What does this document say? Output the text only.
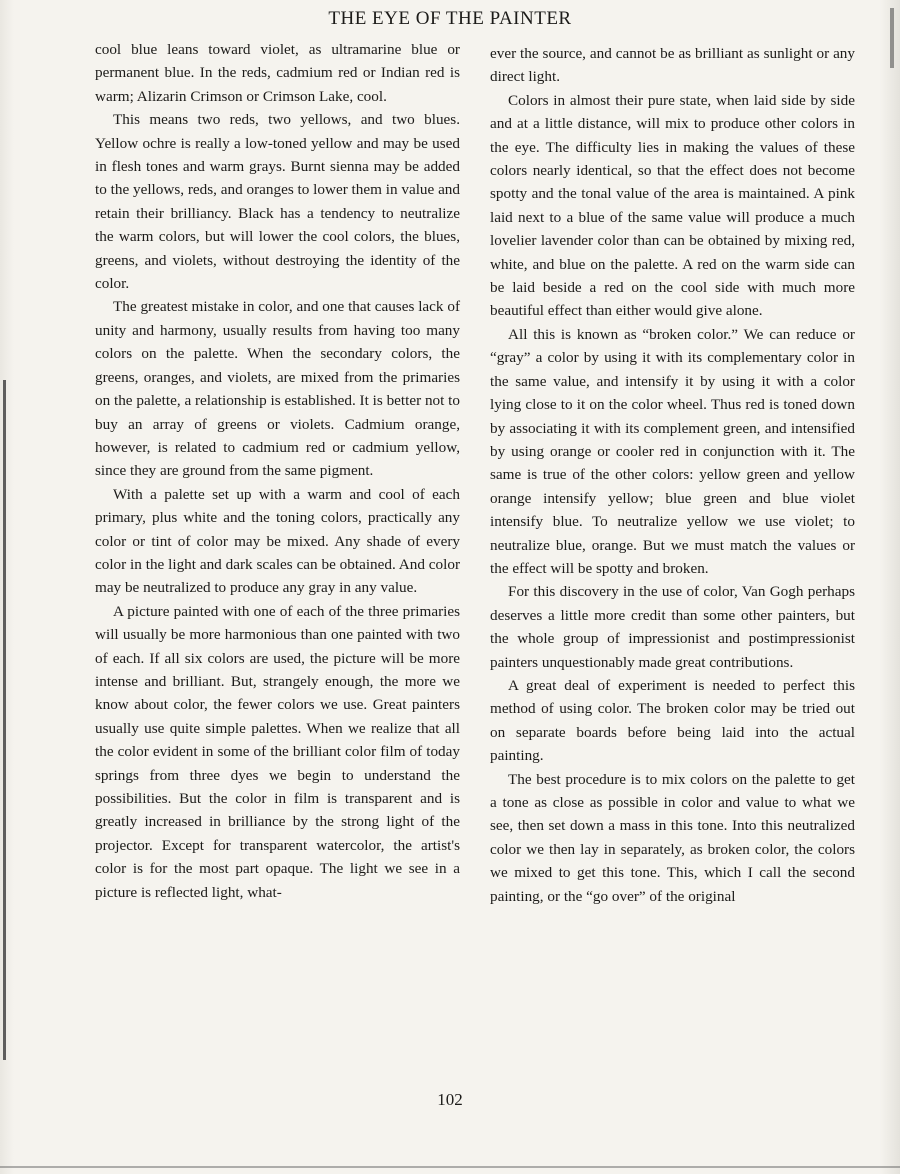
THE EYE OF THE PAINTER

cool blue leans toward violet, as ultramarine blue or permanent blue. In the reds, cadmium red or Indian red is warm; Alizarin Crimson or Crimson Lake, cool.

This means two reds, two yellows, and two blues. Yellow ochre is really a low-toned yellow and may be used in flesh tones and warm grays. Burnt sienna may be added to the yellows, reds, and oranges to lower them in value and retain their brilliancy. Black has a tendency to neutralize the warm colors, but will lower the cool colors, the blues, greens, and violets, without destroying the identity of the color.

The greatest mistake in color, and one that causes lack of unity and harmony, usually results from having too many colors on the palette. When the secondary colors, the greens, oranges, and violets, are mixed from the primaries on the palette, a relationship is established. It is better not to buy an array of greens or violets. Cadmium orange, however, is related to cadmium red or cadmium yellow, since they are ground from the same pigment.

With a palette set up with a warm and cool of each primary, plus white and the toning colors, practically any color or tint of color may be mixed. Any shade of every color in the light and dark scales can be obtained. And color may be neutralized to produce any gray in any value.

A picture painted with one of each of the three primaries will usually be more harmonious than one painted with two of each. If all six colors are used, the picture will be more intense and brilliant. But, strangely enough, the more we know about color, the fewer colors we use. Great painters usually use quite simple palettes. When we realize that all the color evident in some of the brilliant color film of today springs from three dyes we begin to understand the possibilities. But the color in film is transparent and is greatly increased in brilliance by the strong light of the projector. Except for transparent watercolor, the artist's color is for the most part opaque. The light we see in a picture is reflected light, what-

ever the source, and cannot be as brilliant as sunlight or any direct light.

Colors in almost their pure state, when laid side by side and at a little distance, will mix to produce other colors in the eye. The difficulty lies in making the values of these colors nearly identical, so that the effect does not become spotty and the tonal value of the area is maintained. A pink laid next to a blue of the same value will produce a much lovelier lavender color than can be obtained by mixing red, white, and blue on the palette. A red on the warm side can be laid beside a red on the cool side with much more beautiful effect than either would give alone.

All this is known as “broken color.” We can reduce or “gray” a color by using it with its complementary color in the same value, and intensify it by using it with a color lying close to it on the color wheel. Thus red is toned down by associating it with its complement green, and intensified by using orange or cooler red in conjunction with it. The same is true of the other colors: yellow green and yellow orange intensify yellow; blue green and blue violet intensify blue. To neutralize yellow we use violet; to neutralize blue, orange. But we must match the values or the effect will be spotty and broken.

For this discovery in the use of color, Van Gogh perhaps deserves a little more credit than some other painters, but the whole group of impressionist and postimpressionist painters unquestionably made great contributions.

A great deal of experiment is needed to perfect this method of using color. The broken color may be tried out on separate boards before being laid into the actual painting.

The best procedure is to mix colors on the palette to get a tone as close as possible in color and value to what we see, then set down a mass in this tone. Into this neutralized color we then lay in separately, as broken color, the colors we mixed to get this tone. This, which I call the second painting, or the “go over” of the original

102
